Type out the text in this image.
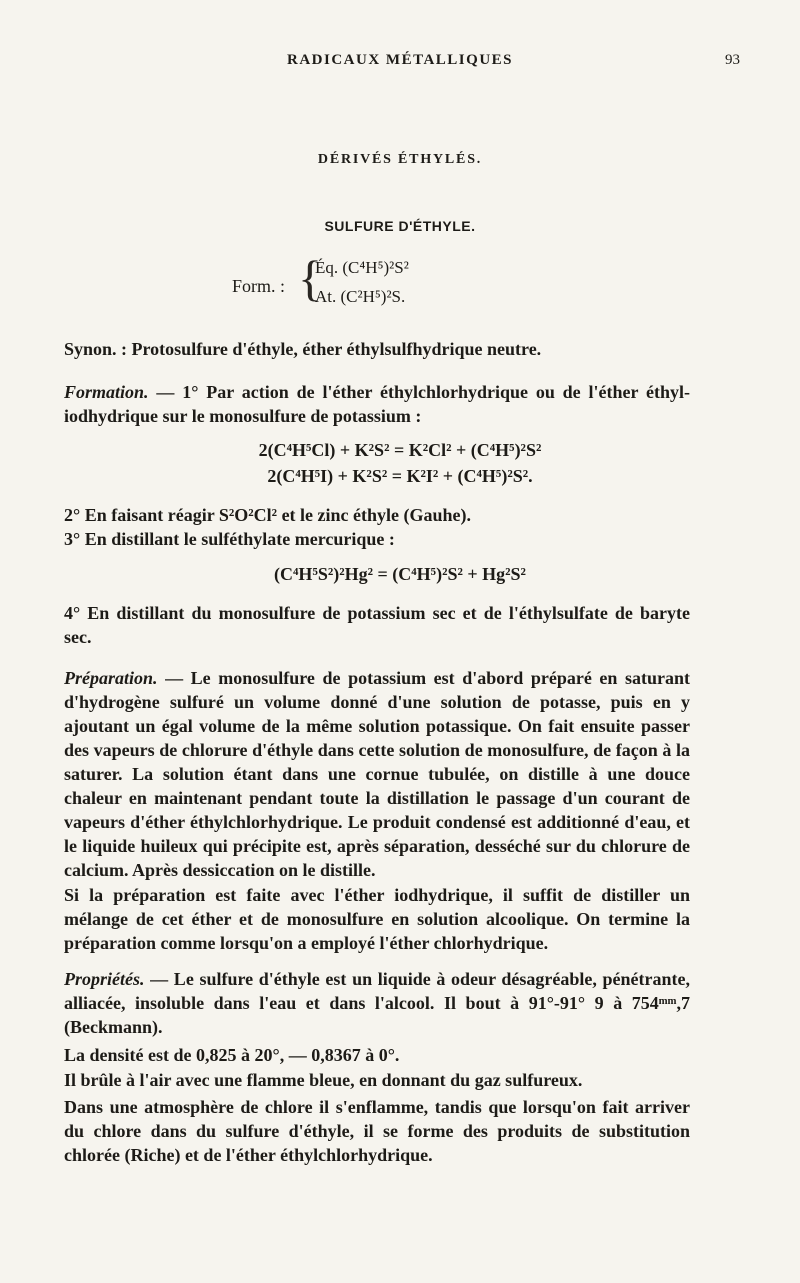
RADICAUX MÉTALLIQUES	93
DÉRIVÉS ÉTHYLÉS.
SULFURE D'ÉTHYLE.
Form. : {
Éq. (C⁴H⁵)²S²
At. (C²H⁵)²S.
Synon. : Protosulfure d'éthyle, éther éthylsulfhydrique neutre.
Formation. — 1° Par action de l'éther éthylchlorhydrique ou de l'éther éthyl-iodhydrique sur le monosulfure de potassium :
2(C⁴H⁵Cl) + K²S² = K²Cl² + (C⁴H⁵)²S²
2(C⁴H⁵I) + K²S² = K²I² + (C⁴H⁵)²S².
2° En faisant réagir S²O²Cl² et le zinc éthyle (Gauhe).
3° En distillant le sulféthylate mercurique :
(C⁴H⁵S²)²Hg² = (C⁴H⁵)²S² + Hg²S²
4° En distillant du monosulfure de potassium sec et de l'éthylsulfate de baryte sec.
Préparation. — Le monosulfure de potassium est d'abord préparé en saturant d'hydrogène sulfuré un volume donné d'une solution de potasse, puis en y ajoutant un égal volume de la même solution potassique. On fait ensuite passer des vapeurs de chlorure d'éthyle dans cette solution de monosulfure, de façon à la saturer. La solution étant dans une cornue tubulée, on distille à une douce chaleur en maintenant pendant toute la distillation le passage d'un courant de vapeurs d'éther éthylchlorhydrique. Le produit condensé est additionné d'eau, et le liquide huileux qui précipite est, après séparation, desséché sur du chlorure de calcium. Après dessiccation on le distille.
Si la préparation est faite avec l'éther iodhydrique, il suffit de distiller un mélange de cet éther et de monosulfure en solution alcoolique. On termine la préparation comme lorsqu'on a employé l'éther chlorhydrique.
Propriétés. — Le sulfure d'éthyle est un liquide à odeur désagréable, pénétrante, alliacée, insoluble dans l'eau et dans l'alcool. Il bout à 91°-91° 9 à 754ᵐᵐ,7 (Beckmann).
La densité est de 0,825 à 20°, — 0,8367 à 0°.
Il brûle à l'air avec une flamme bleue, en donnant du gaz sulfureux.
Dans une atmosphère de chlore il s'enflamme, tandis que lorsqu'on fait arriver du chlore dans du sulfure d'éthyle, il se forme des produits de substitution chlorée (Riche) et de l'éther éthylchlorhydrique.
